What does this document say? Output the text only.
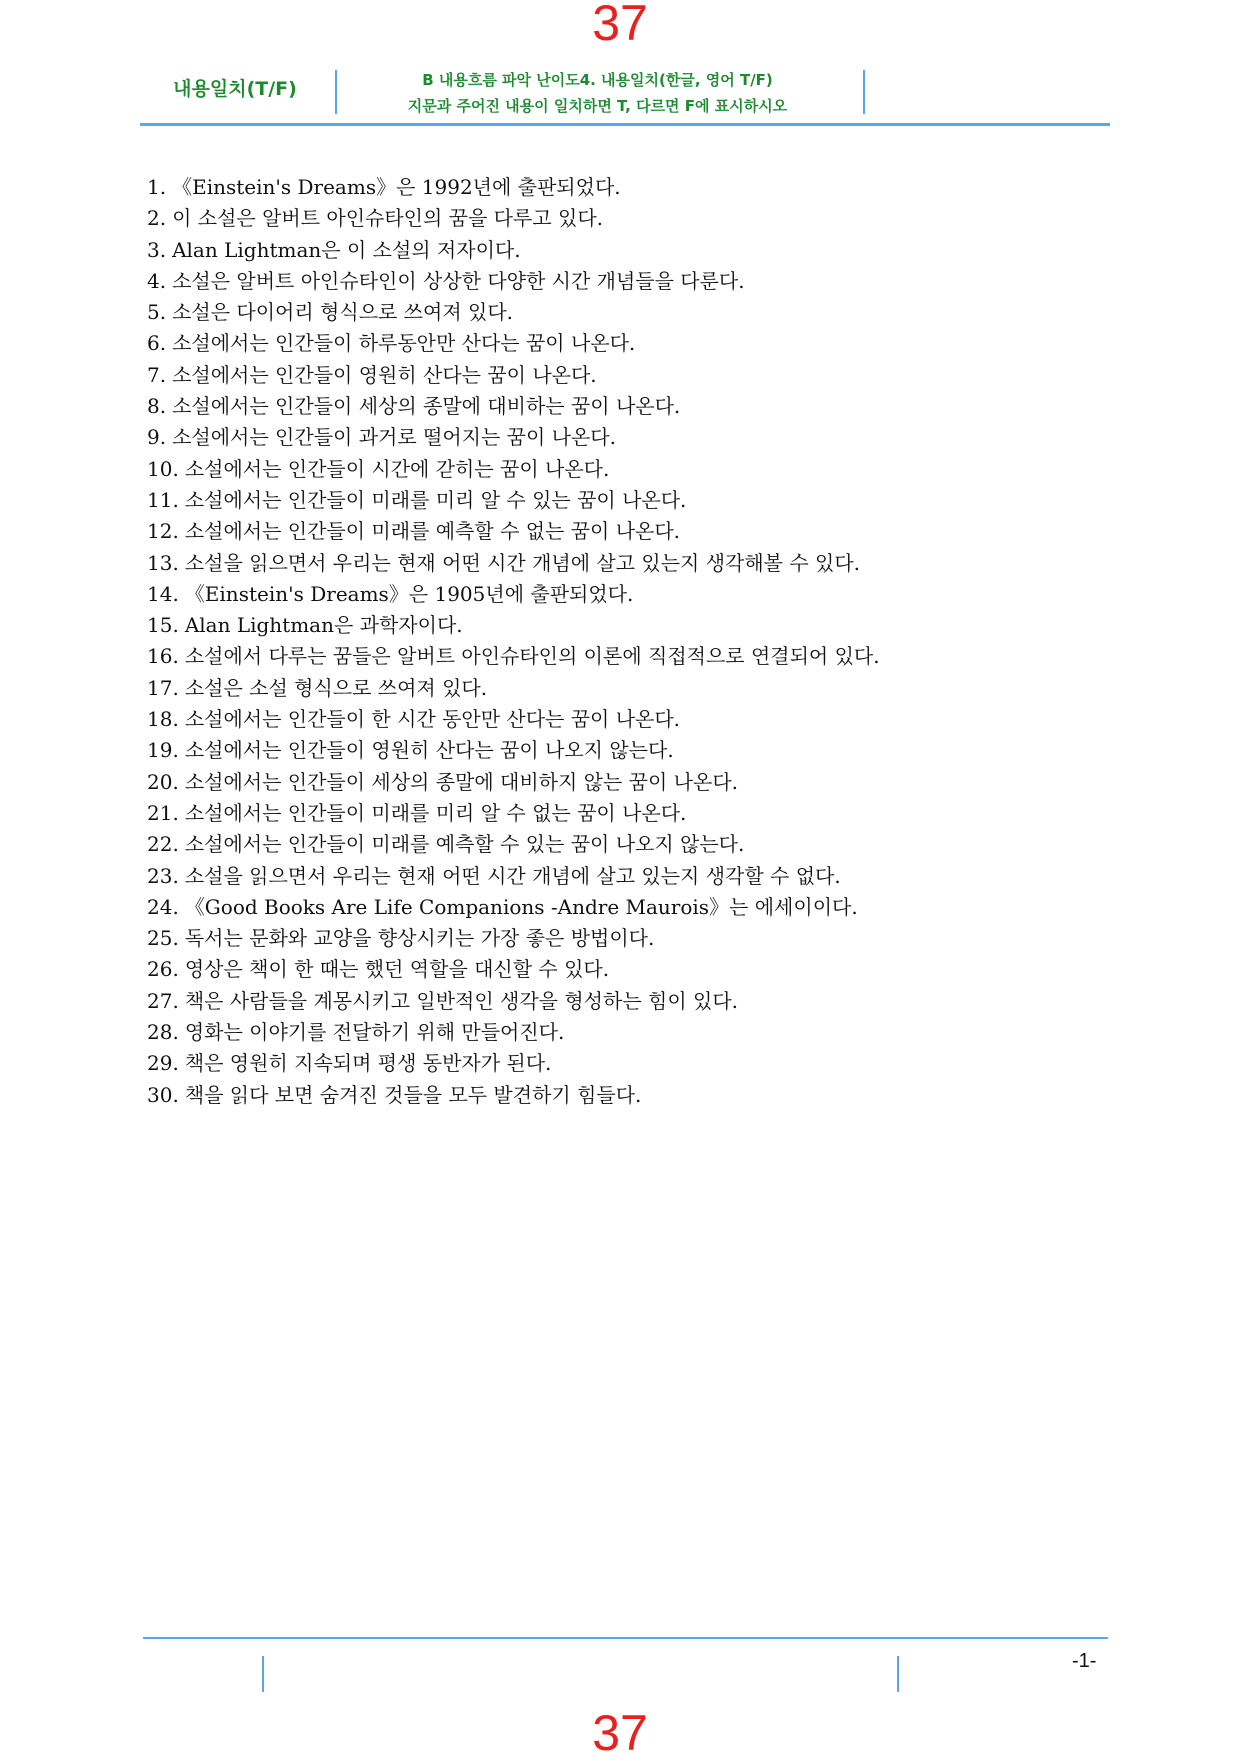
37
내용일치(T/F)	B 내용흐름 파악 난이도4. 내용일치(한글, 영어 T/F)
지문과 주어진 내용이 일치하면 T, 다르면 F에 표시하시오
1. 《Einstein's Dreams》은 1992년에 출판되었다.
2. 이 소설은 알버트 아인슈타인의 꿈을 다루고 있다.
3. Alan Lightman은 이 소설의 저자이다.
4. 소설은 알버트 아인슈타인이 상상한 다양한 시간 개념들을 다룬다.
5. 소설은 다이어리 형식으로 쓰여져 있다.
6. 소설에서는 인간들이 하루동안만 산다는 꿈이 나온다.
7. 소설에서는 인간들이 영원히 산다는 꿈이 나온다.
8. 소설에서는 인간들이 세상의 종말에 대비하는 꿈이 나온다.
9. 소설에서는 인간들이 과거로 떨어지는 꿈이 나온다.
10. 소설에서는 인간들이 시간에 갇히는 꿈이 나온다.
11. 소설에서는 인간들이 미래를 미리 알 수 있는 꿈이 나온다.
12. 소설에서는 인간들이 미래를 예측할 수 없는 꿈이 나온다.
13. 소설을 읽으면서 우리는 현재 어떤 시간 개념에 살고 있는지 생각해볼 수 있다.
14. 《Einstein's Dreams》은 1905년에 출판되었다.
15. Alan Lightman은 과학자이다.
16. 소설에서 다루는 꿈들은 알버트 아인슈타인의 이론에 직접적으로 연결되어 있다.
17. 소설은 소설 형식으로 쓰여져 있다.
18. 소설에서는 인간들이 한 시간 동안만 산다는 꿈이 나온다.
19. 소설에서는 인간들이 영원히 산다는 꿈이 나오지 않는다.
20. 소설에서는 인간들이 세상의 종말에 대비하지 않는 꿈이 나온다.
21. 소설에서는 인간들이 미래를 미리 알 수 없는 꿈이 나온다.
22. 소설에서는 인간들이 미래를 예측할 수 있는 꿈이 나오지 않는다.
23. 소설을 읽으면서 우리는 현재 어떤 시간 개념에 살고 있는지 생각할 수 없다.
24. 《Good Books Are Life Companions -Andre Maurois》는 에세이이다.
25. 독서는 문화와 교양을 향상시키는 가장 좋은 방법이다.
26. 영상은 책이 한 때는 했던 역할을 대신할 수 있다.
27. 책은 사람들을 계몽시키고 일반적인 생각을 형성하는 힘이 있다.
28. 영화는 이야기를 전달하기 위해 만들어진다.
29. 책은 영원히 지속되며 평생 동반자가 된다.
30. 책을 읽다 보면 숨겨진 것들을 모두 발견하기 힘들다.
-1-
37
